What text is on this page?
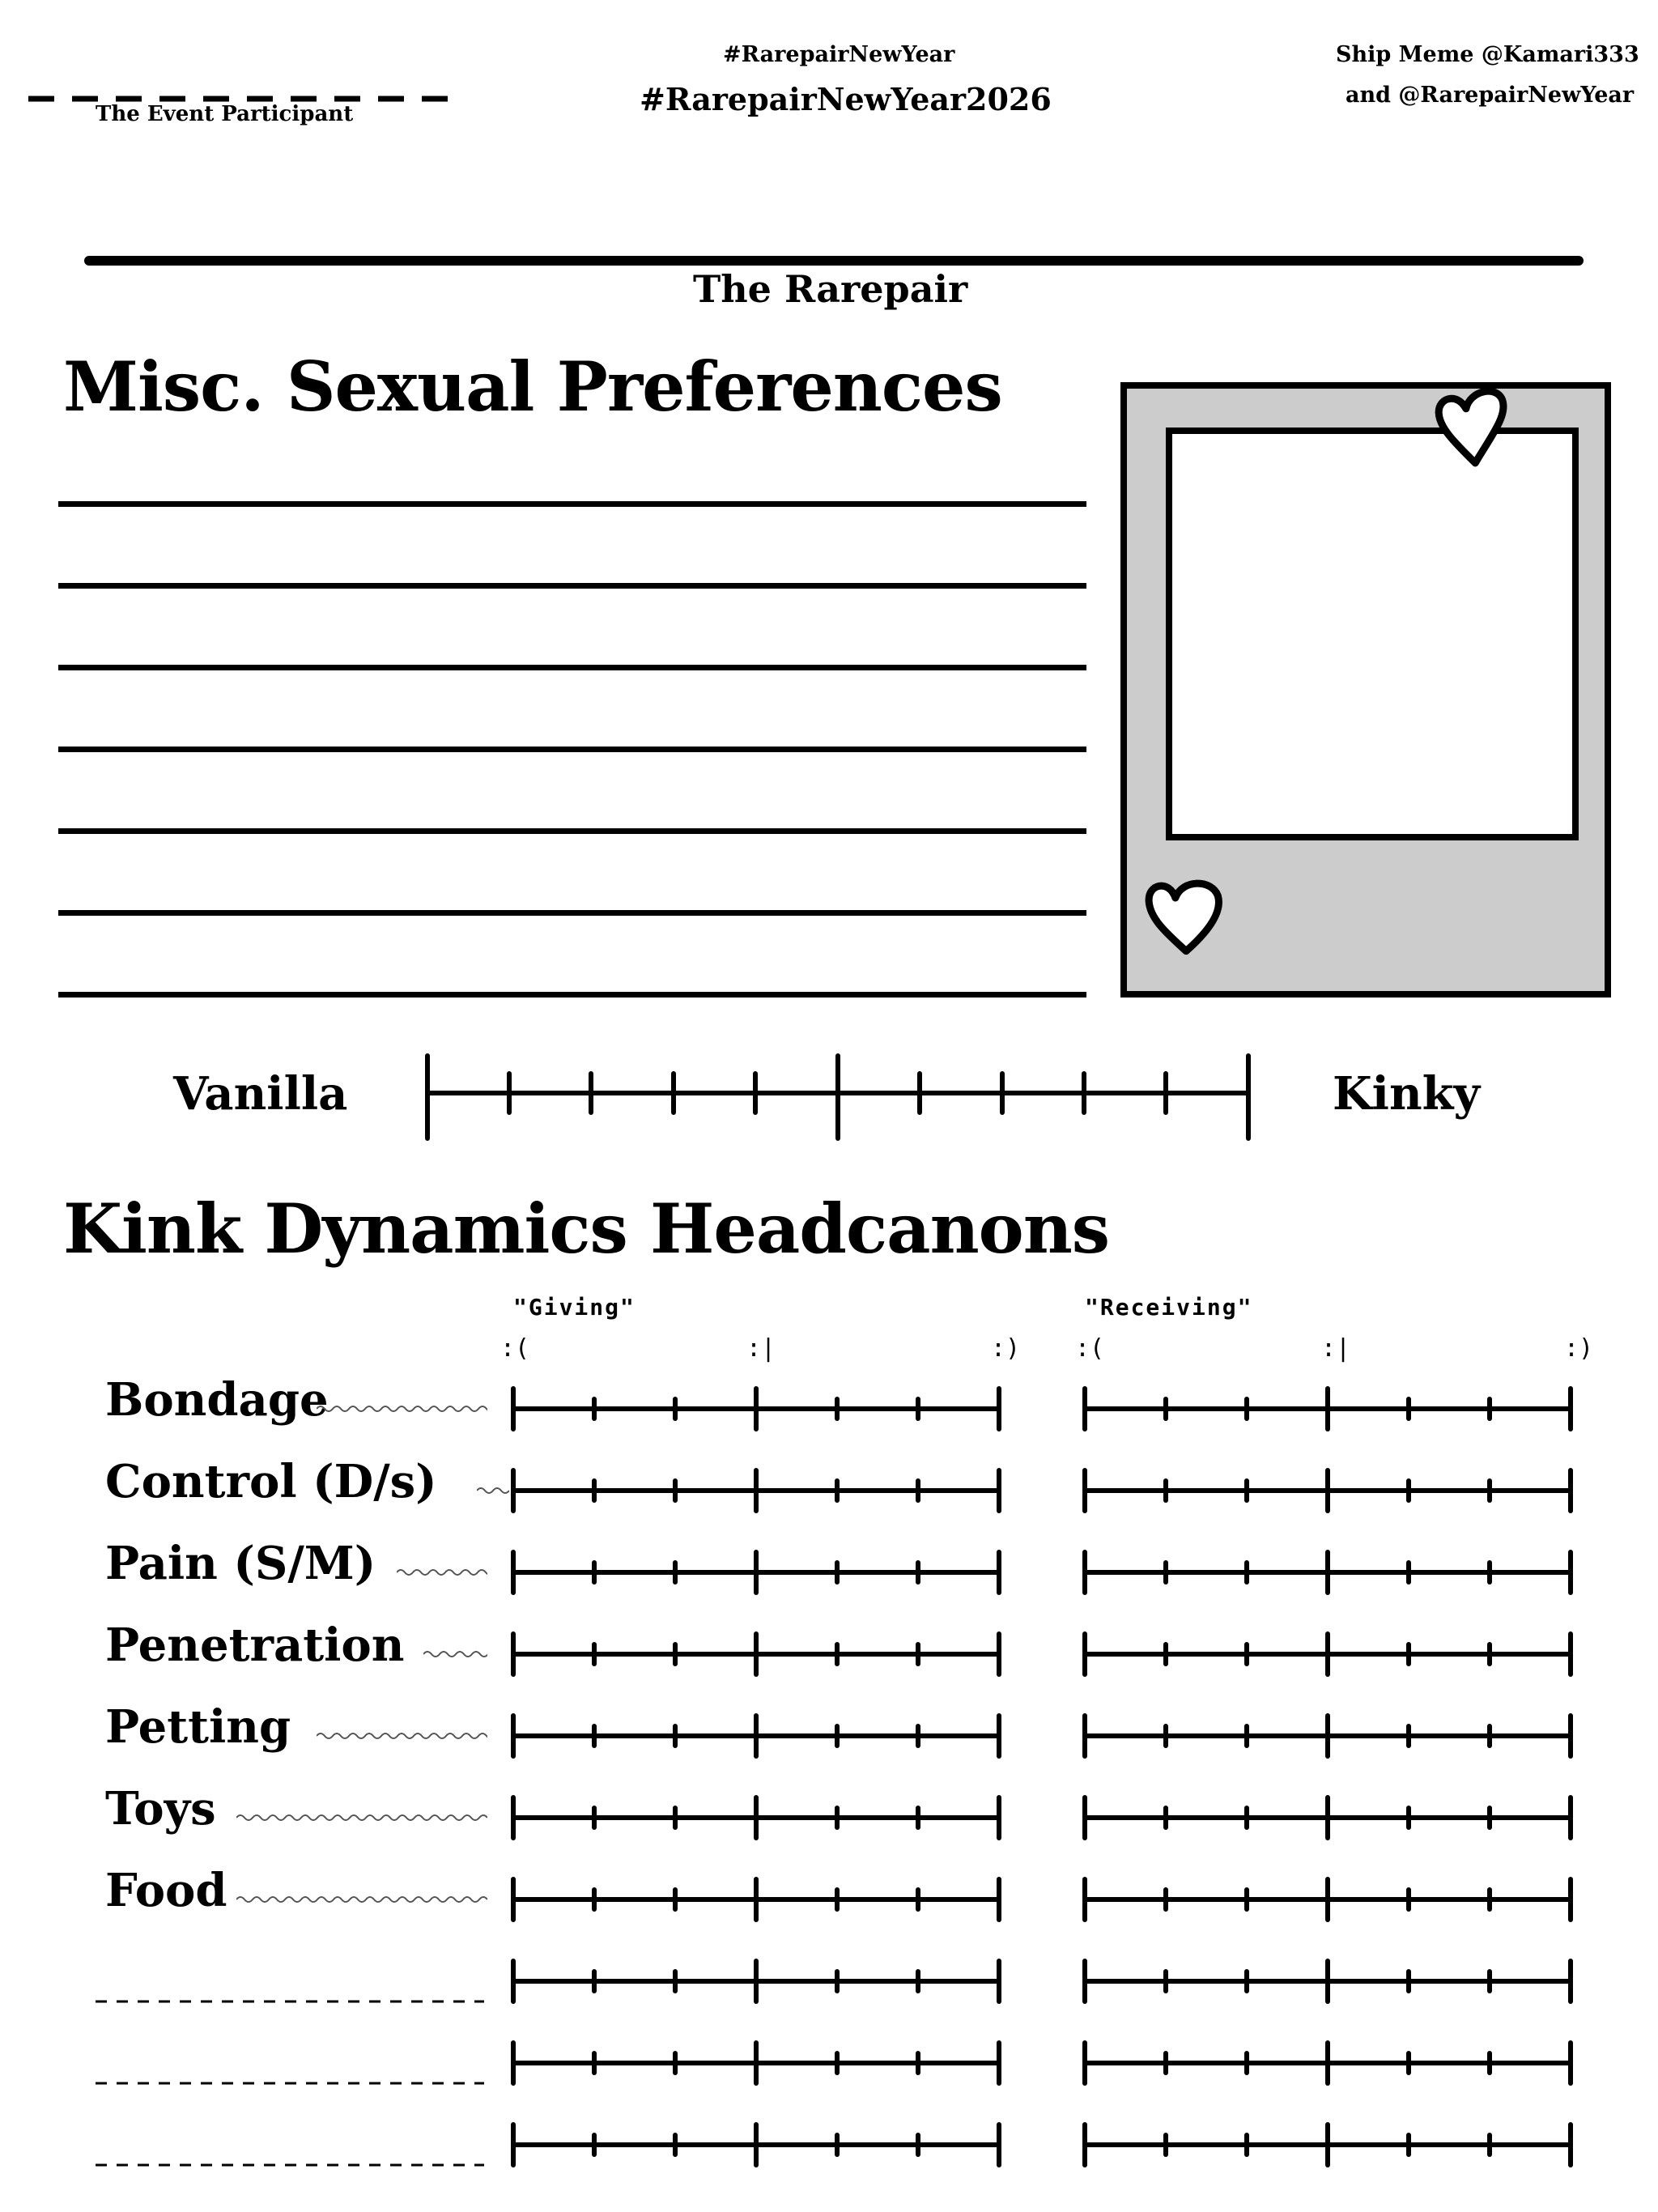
The Event Participant
#RarepairNewYear
#RarepairNewYear2026
Ship Meme @Kamari333
and @RarepairNewYear
The Rarepair
Misc. Sexual Preferences
Vanilla	Kinky
Kink Dynamics Headcanons
"Giving"	"Receiving"
:(	:|	:) :(	:|	:)
Bondage
Control (D/s)
Pain (S/M)
Penetration
Petting
Toys
Food
